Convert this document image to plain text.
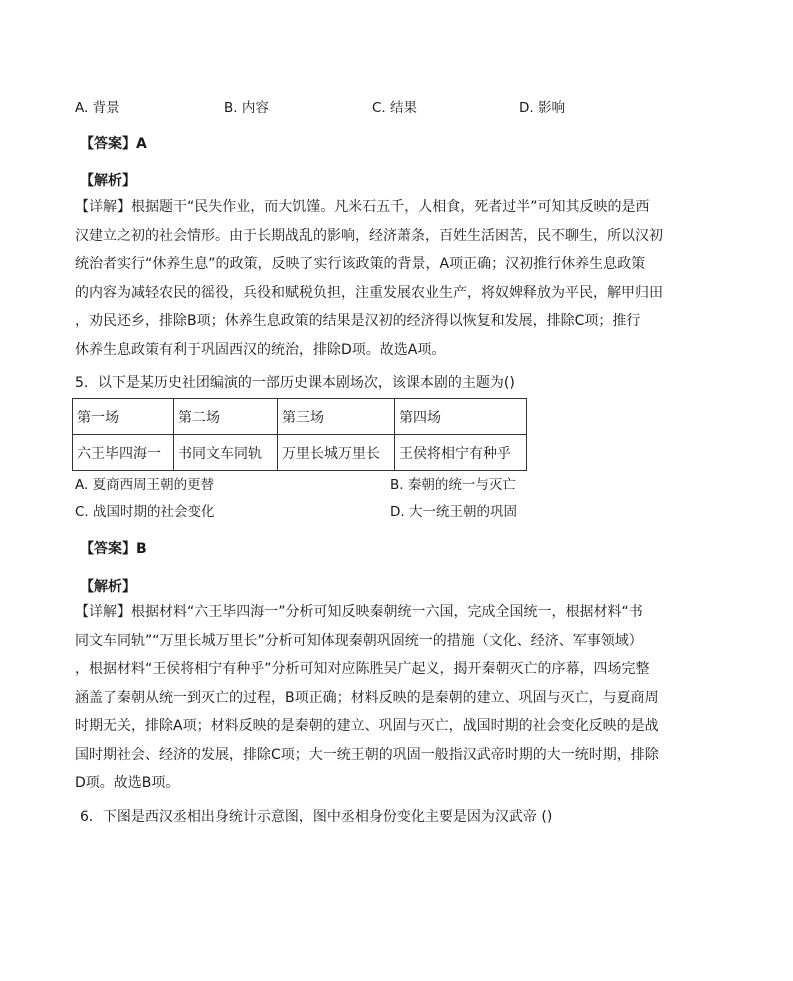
A. 背景	B. 内容	C. 结果	D. 影响
【答案】A
【解析】
【详解】根据题干“民失作业，而大饥馑。凡米石五千，人相食，死者过半”可知其反映的是西
汉建立之初的社会情形。由于长期战乱的影响，经济萧条，百姓生活困苦，民不聊生，所以汉初
统治者实行“休养生息”的政策，反映了实行该政策的背景，A项正确；汉初推行休养生息政策
的内容为减轻农民的徭役，兵役和赋税负担，注重发展农业生产，将奴婢释放为平民，解甲归田
，劝民还乡，排除B项；休养生息政策的结果是汉初的经济得以恢复和发展，排除C项；推行
休养生息政策有利于巩固西汉的统治，排除D项。故选A项。
5．以下是某历史社团编演的一部历史课本剧场次，该课本剧的主题为()
第一场	第二场	第三场	第四场
六王毕四海一	书同文车同轨	万里长城万里长	王侯将相宁有种乎
A. 夏商西周王朝的更替	B. 秦朝的统一与灭亡
C. 战国时期的社会变化	D. 大一统王朝的巩固
【答案】B
【解析】
【详解】根据材料“六王毕四海一”分析可知反映秦朝统一六国，完成全国统一，根据材料“书
同文车同轨”“万里长城万里长”分析可知体现秦朝巩固统一的措施（文化、经济、军事领域）
，根据材料“王侯将相宁有种乎”分析可知对应陈胜吴广起义，揭开秦朝灭亡的序幕，四场完整
涵盖了秦朝从统一到灭亡的过程，B项正确；材料反映的是秦朝的建立、巩固与灭亡，与夏商周
时期无关，排除A项；材料反映的是秦朝的建立、巩固与灭亡，战国时期的社会变化反映的是战
国时期社会、经济的发展，排除C项；大一统王朝的巩固一般指汉武帝时期的大一统时期，排除
D项。故选B项。
6．下图是西汉丞相出身统计示意图，图中丞相身份变化主要是因为汉武帝 ()
